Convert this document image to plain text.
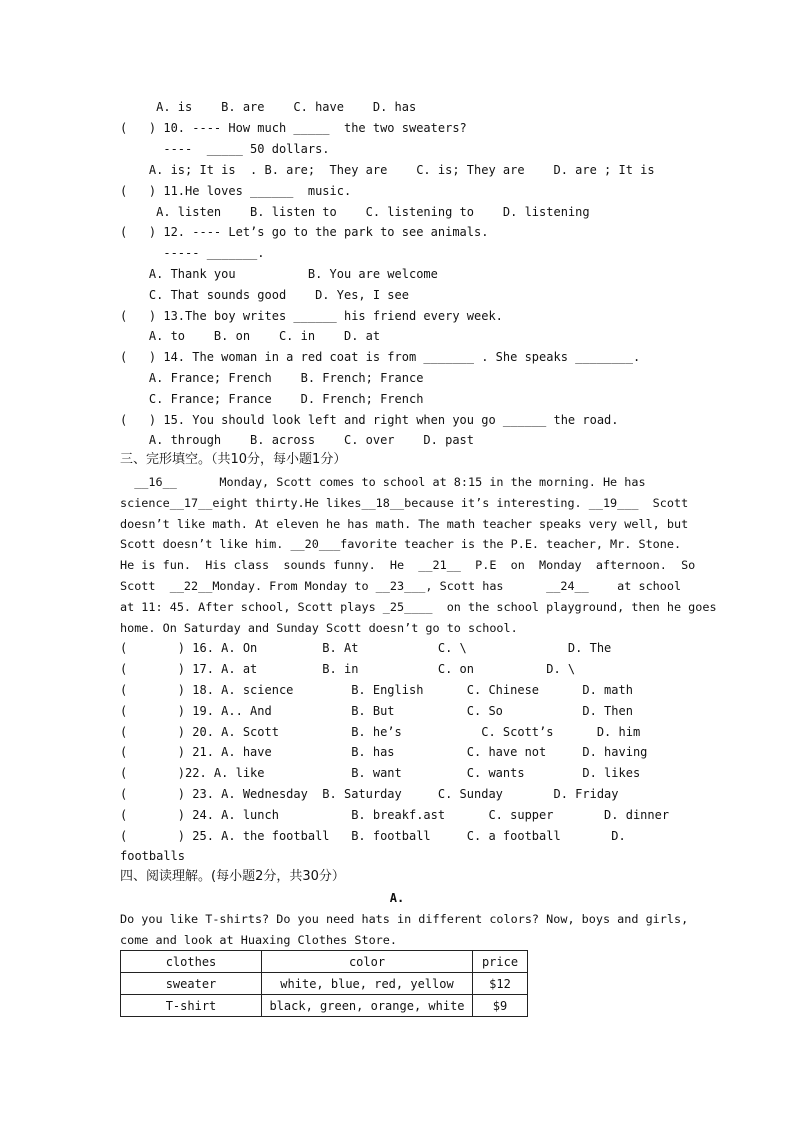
A. is    B. are    C. have    D. has
(   ) 10. ---- How much _____  the two sweaters?
----  _____ 50 dollars.
A. is; It is  . B. are;  They are    C. is; They are    D. are ; It is
(   ) 11.He loves ______  music.
A. listen    B. listen to    C. listening to    D. listening
(   ) 12. ---- Let’s go to the park to see animals.
----- _______.
A. Thank you          B. You are welcome
C. That sounds good    D. Yes, I see
(   ) 13.The boy writes ______ his friend every week.
A. to    B. on    C. in    D. at
(   ) 14. The woman in a red coat is from _______ . She speaks ________.
A. France; French    B. French; France
C. France; France    D. French; French
(   ) 15. You should look left and right when you go ______ the road.
A. through    B. across    C. over    D. past
三、完形填空。（共10分，每小题1分）
__16__      Monday, Scott comes to school at 8:15 in the morning. He has
science__17__eight thirty.He likes__18__because it’s interesting. __19___  Scott
doesn’t like math. At eleven he has math. The math teacher speaks very well, but
Scott doesn’t like him. __20___favorite teacher is the P.E. teacher, Mr. Stone.
He is fun.  His class  sounds funny.  He  __21__  P.E  on  Monday  afternoon.  So
Scott  __22__Monday. From Monday to __23___, Scott has      __24__    at school
at 11: 45. After school, Scott plays _25____  on the school playground, then he goes
home. On Saturday and Sunday Scott doesn’t go to school.
(       ) 16. A. On         B. At           C. \              D. The
(       ) 17. A. at         B. in           C. on          D. \
(       ) 18. A. science        B. English      C. Chinese      D. math
(       ) 19. A.. And           B. But          C. So           D. Then
(       ) 20. A. Scott          B. he’s           C. Scott’s      D. him
(       ) 21. A. have           B. has          C. have not     D. having
(       )22. A. like            B. want         C. wants        D. likes
(       ) 23. A. Wednesday  B. Saturday     C. Sunday       D. Friday
(       ) 24. A. lunch          B. breakf.ast      C. supper       D. dinner
(       ) 25. A. the football   B. football     C. a football       D.
footballs
四、阅读理解。(每小题2分，共30分）
A.
Do you like T-shirts? Do you need hats in different colors? Now, boys and girls,
come and look at Huaxing Clothes Store.
clothes	color	price
sweater	white, blue, red, yellow	$12
T-shirt	black, green, orange, white	$9
